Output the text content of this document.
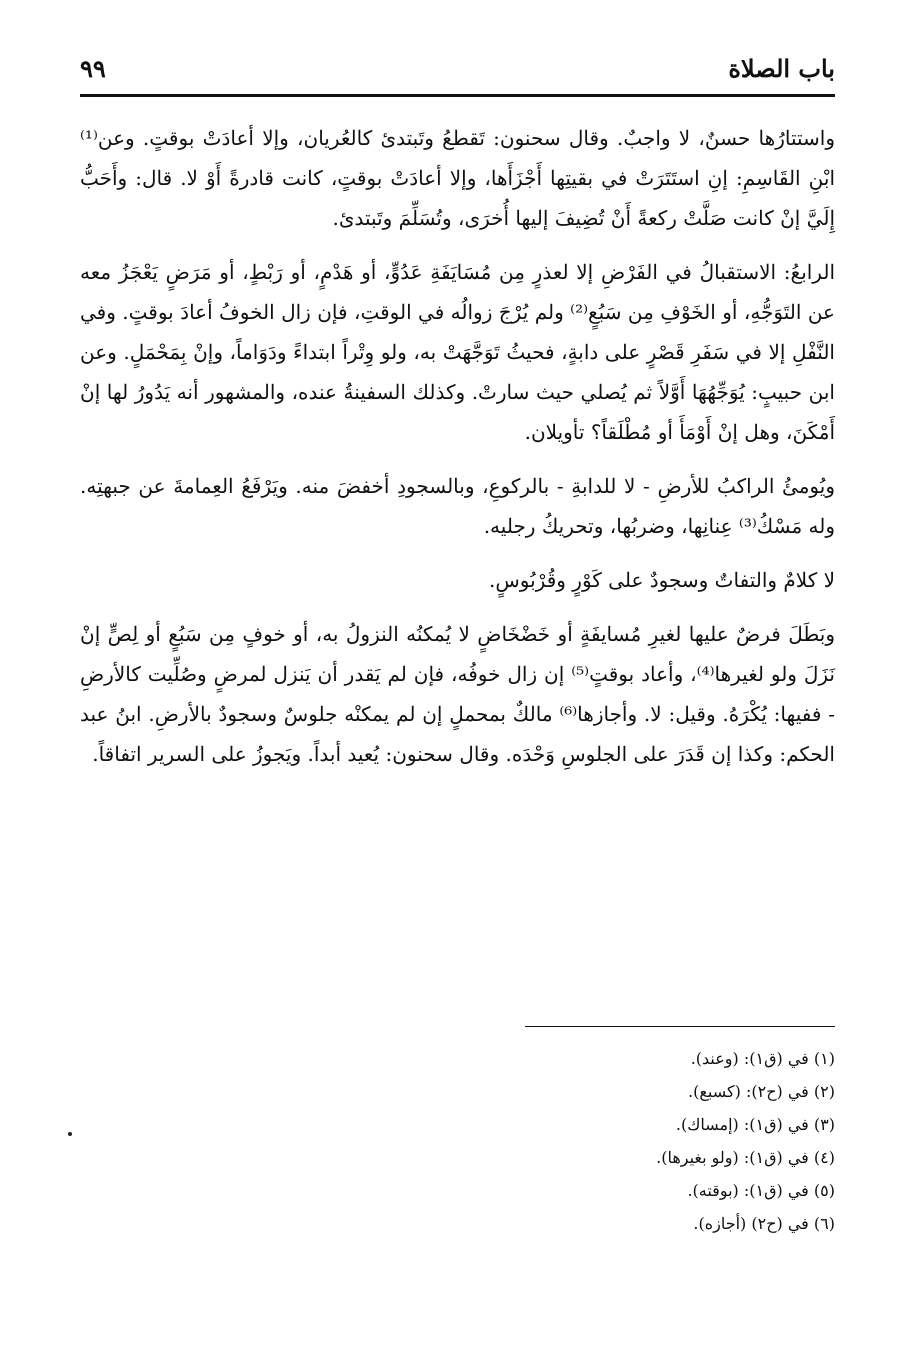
باب الصلاة
٩٩

واستتارُها حسنٌ، لا واجبٌ. وقال سحنون: تَقطعُ وتَبتدئ كالعُريان، وإلا أعادَتْ بوقتٍ. وعن⁽¹⁾ ابْنِ القَاسِمِ: إنِ استَتَرَتْ في بقيتِها أَجْزَأَها، وإلا أعادَتْ بوقتٍ، كانت قادرةً أَوْ لا. قال: وأَحَبُّ إِلَيَّ إنْ كانت صَلَّتْ ركعةً أَنْ تُضِيفَ إليها أُخرَى، وتُسَلِّمَ وتَبتدئ.

الرابعُ: الاستقبالُ في الفَرْضِ إلا لعذرٍ مِن مُسَايَفَةِ عَدُوٍّ، أو هَدْمٍ، أو رَبْطٍ، أو مَرَضٍ يَعْجَزُ معه عن التَوَجُّهِ، أو الخَوْفِ مِن سَبُعٍ⁽²⁾ ولم يُرْجَ زوالُه في الوقتِ، فإن زال الخوفُ أعادَ بوقتٍ. وفي النَّفْلِ إلا في سَفَرِ قَصْرٍ على دابةٍ، فحيثُ تَوَجَّهَتْ به، ولو وِتْراً ابتداءً ودَوَاماً، وإنْ بِمَحْمَلٍ. وعن ابن حبيبٍ: يُوَجِّهُهَا أَوَّلاً ثم يُصلي حيث سارتْ. وكذلك السفينةُ عنده، والمشهور أنه يَدُورُ لها إنْ أَمْكَنَ، وهل إنْ أَوْمَأَ أو مُطْلَقاً؟ تأويلان.

ويُومئُ الراكبُ للأرضِ - لا للدابةِ - بالركوعِ، وبالسجودِ أخفضَ منه. ويَرْفَعُ العِمامةَ عن جبهتِه. وله مَسْكُ⁽³⁾ عِنانِها، وضربُها، وتحريكُ رجليه.

لا كلامٌ والتفاتٌ وسجودٌ على كَوْرٍ وقُرْبُوسٍ.

وبَطَلَ فرضٌ عليها لغيرِ مُسايفَةٍ أو خَضْخَاضٍ لا يُمكنُه النزولُ به، أو خوفٍ مِن سَبُعٍ أو لِصٍّ إنْ نَزَلَ ولو لغيرها⁽⁴⁾، وأعاد بوقتٍ⁽⁵⁾ إن زال خوفُه، فإن لم يَقدر أن يَنزل لمرضٍ وصُلِّيت كالأرضِ - ففيها: يُكْرَهُ. وقيل: لا. وأجازها⁽⁶⁾ مالكٌ بمحملٍ إن لم يمكنْه جلوسٌ وسجودٌ بالأرضِ. ابنُ عبد الحكم: وكذا إن قَدَرَ على الجلوسِ وَحْدَه. وقال سحنون: يُعيد أبداً. ويَجوزُ على السرير اتفاقاً.

(١) في (ق١): (وعند).
(٢) في (ح٢): (كسبع).
(٣) في (ق١): (إمساك).
(٤) في (ق١): (ولو بغيرها).
(٥) في (ق١): (بوقته).
(٦) في (ح٢) (أجازه).
